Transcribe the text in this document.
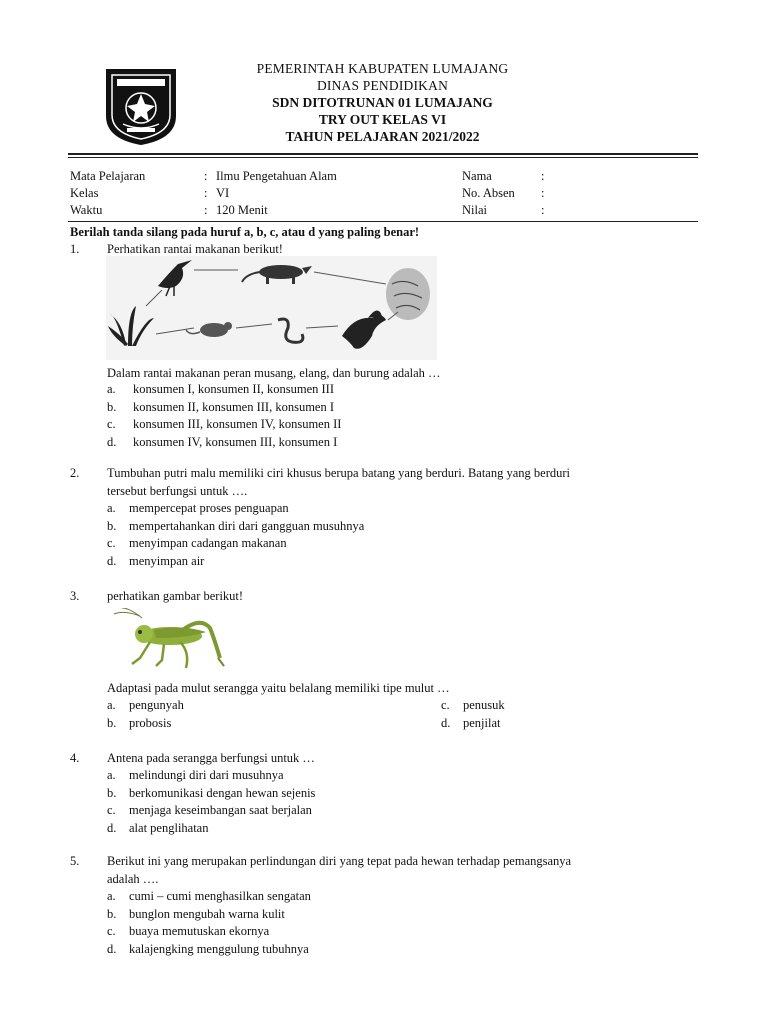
PEMERINTAH KABUPATEN LUMAJANG
DINAS PENDIDIKAN
SDN DITOTRUNAN 01 LUMAJANG
TRY OUT KELAS VI
TAHUN PELAJARAN 2021/2022
Mata Pelajaran	: Ilmu Pengetahuan Alam	Nama	:
Kelas	: VI	No. Absen :
Waktu	: 120 Menit	Nilai	:
Berilah tanda silang pada huruf a, b, c, atau d yang paling benar!
1. Perhatikan rantai makanan berikut!
Dalam rantai makanan peran musang, elang, dan burung adalah …
a. konsumen I, konsumen II, konsumen III
b. konsumen II, konsumen III, konsumen I
c. konsumen III, konsumen IV, konsumen II
d. konsumen IV, konsumen III, konsumen I
2. Tumbuhan putri malu memiliki ciri khusus berupa batang yang berduri. Batang yang berduri
tersebut berfungsi untuk ….
a. mempercepat proses penguapan
b. mempertahankan diri dari gangguan musuhnya
c. menyimpan cadangan makanan
d. menyimpan air
3. perhatikan gambar berikut!
Adaptasi pada mulut serangga yaitu belalang memiliki tipe mulut …
a. pengunyah	c. penusuk
b. probosis	d. penjilat
4. Antena pada serangga berfungsi untuk …
a. melindungi diri dari musuhnya
b. berkomunikasi dengan hewan sejenis
c. menjaga keseimbangan saat berjalan
d. alat penglihatan
5. Berikut ini yang merupakan perlindungan diri yang tepat pada hewan terhadap pemangsanya
adalah ….
a. cumi – cumi menghasilkan sengatan
b. bunglon mengubah warna kulit
c. buaya memutuskan ekornya
d. kalajengking menggulung tubuhnya
